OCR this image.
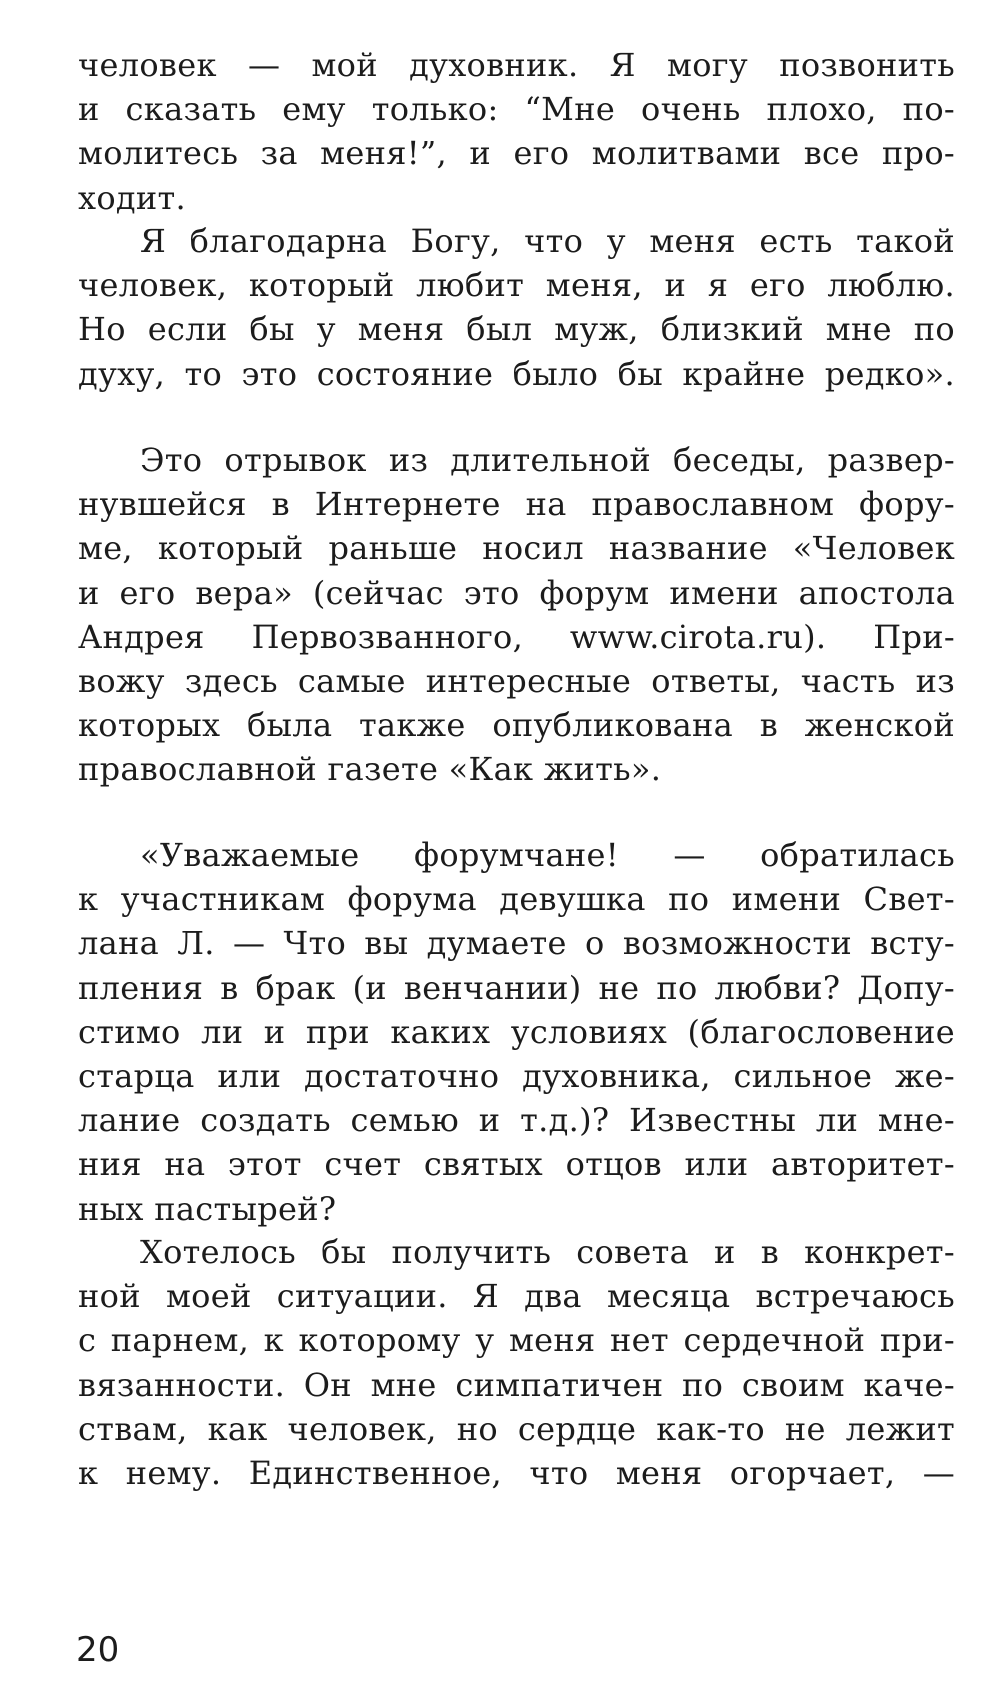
человек — мой духовник. Я могу позвонить
и сказать ему только: “Мне очень плохо, по-
молитесь за меня!”, и его молитвами все про-
ходит.
Я благодарна Богу, что у меня есть такой
человек, который любит меня, и я его люблю.
Но если бы у меня был муж, близкий мне по
духу, то это состояние было бы крайне редко».
Это отрывок из длительной беседы, развер-
нувшейся в Интернете на православном фору-
ме, который раньше носил название «Человек
и его вера» (сейчас это форум имени апостола
Андрея Первозванного, www.cirota.ru). При-
вожу здесь самые интересные ответы, часть из
которых была также опубликована в женской
православной газете «Как жить».
«Уважаемые форумчане! — обратилась
к участникам форума девушка по имени Свет-
лана Л. — Что вы думаете о возможности всту-
пления в брак (и венчании) не по любви? Допу-
стимо ли и при каких условиях (благословение
старца или достаточно духовника, сильное же-
лание создать семью и т.д.)? Известны ли мне-
ния на этот счет святых отцов или авторитет-
ных пастырей?
Хотелось бы получить совета и в конкрет-
ной моей ситуации. Я два месяца встречаюсь
с парнем, к которому у меня нет сердечной при-
вязанности. Он мне симпатичен по своим каче-
ствам, как человек, но сердце как-то не лежит
к нему. Единственное, что меня огорчает, —
20
